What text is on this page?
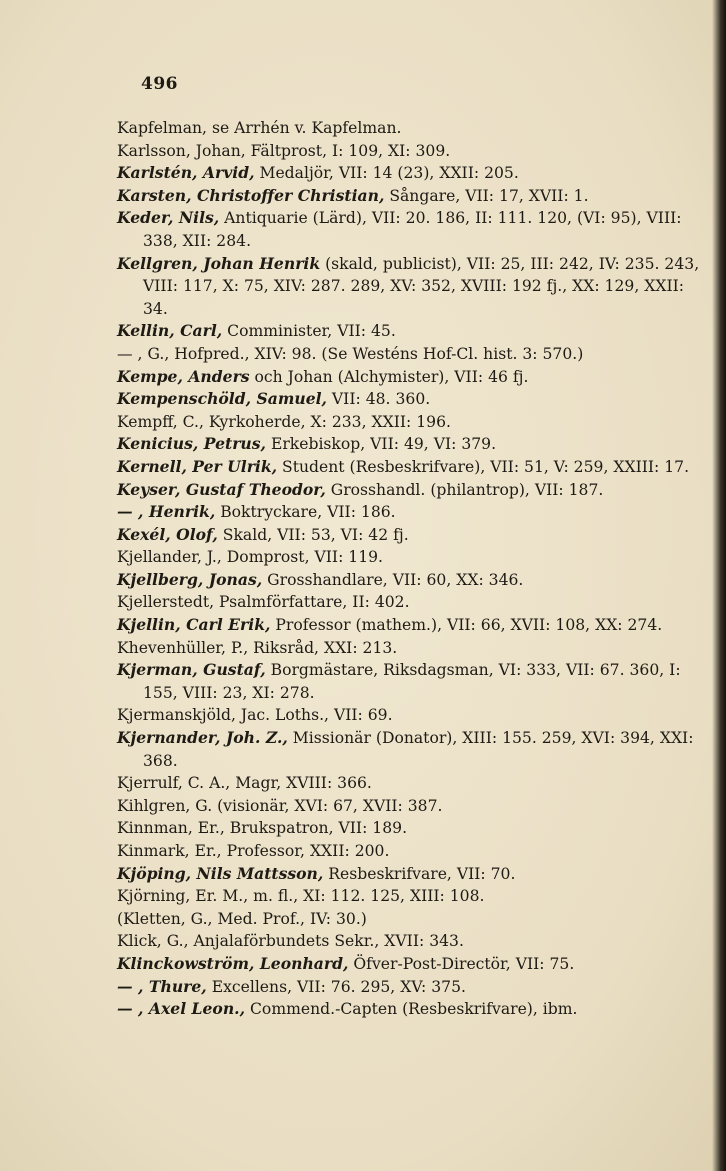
496

Kapfelman, se Arrhén v. Kapfelman.

Karlsson, Johan, Fältprost, I: 109, XI: 309.

Karlstén, Arvid, Medaljör, VII: 14 (23), XXII: 205.

Karsten, Christoffer Christian, Sångare, VII: 17, XVII: 1.

Keder, Nils, Antiquarie (Lärd), VII: 20. 186, II: 111. 120, (VI: 95), VIII: 338, XII: 284.

Kellgren, Johan Henrik (skald, publicist), VII: 25, III: 242, IV: 235. 243, VIII: 117, X: 75, XIV: 287. 289, XV: 352, XVIII: 192 fj., XX: 129, XXII: 34.

Kellin, Carl, Comminister, VII: 45.

— , G., Hofpred., XIV: 98. (Se Westéns Hof-Cl. hist. 3: 570.)

Kempe, Anders och Johan (Alchymister), VII: 46 fj.

Kempenschöld, Samuel, VII: 48. 360.

Kempff, C., Kyrkoherde, X: 233, XXII: 196.

Kenicius, Petrus, Erkebiskop, VII: 49, VI: 379.

Kernell, Per Ulrik, Student (Resbeskrifvare), VII: 51, V: 259, XXIII: 17.

Keyser, Gustaf Theodor, Grosshandl. (philantrop), VII: 187.

— , Henrik, Boktryckare, VII: 186.

Kexél, Olof, Skald, VII: 53, VI: 42 fj.

Kjellander, J., Domprost, VII: 119.

Kjellberg, Jonas, Grosshandlare, VII: 60, XX: 346.

Kjellerstedt, Psalmförfattare, II: 402.

Kjellin, Carl Erik, Professor (mathem.), VII: 66, XVII: 108, XX: 274.

Khevenhüller, P., Riksråd, XXI: 213.

Kjerman, Gustaf, Borgmästare, Riksdagsman, VI: 333, VII: 67. 360, I: 155, VIII: 23, XI: 278.

Kjermanskjöld, Jac. Loths., VII: 69.

Kjernander, Joh. Z., Missionär (Donator), XIII: 155. 259, XVI: 394, XXI: 368.

Kjerrulf, C. A., Magr, XVIII: 366.

Kihlgren, G. (visionär, XVI: 67, XVII: 387.

Kinnman, Er., Brukspatron, VII: 189.

Kinmark, Er., Professor, XXII: 200.

Kjöping, Nils Mattsson, Resbeskrifvare, VII: 70.

Kjörning, Er. M., m. fl., XI: 112. 125, XIII: 108.

(Kletten, G., Med. Prof., IV: 30.)

Klick, G., Anjalaförbundets Sekr., XVII: 343.

Klinckowström, Leonhard, Öfver-Post-Directör, VII: 75.

— , Thure, Excellens, VII: 76. 295, XV: 375.

— , Axel Leon., Commend.-Capten (Resbeskrifvare), ibm.
